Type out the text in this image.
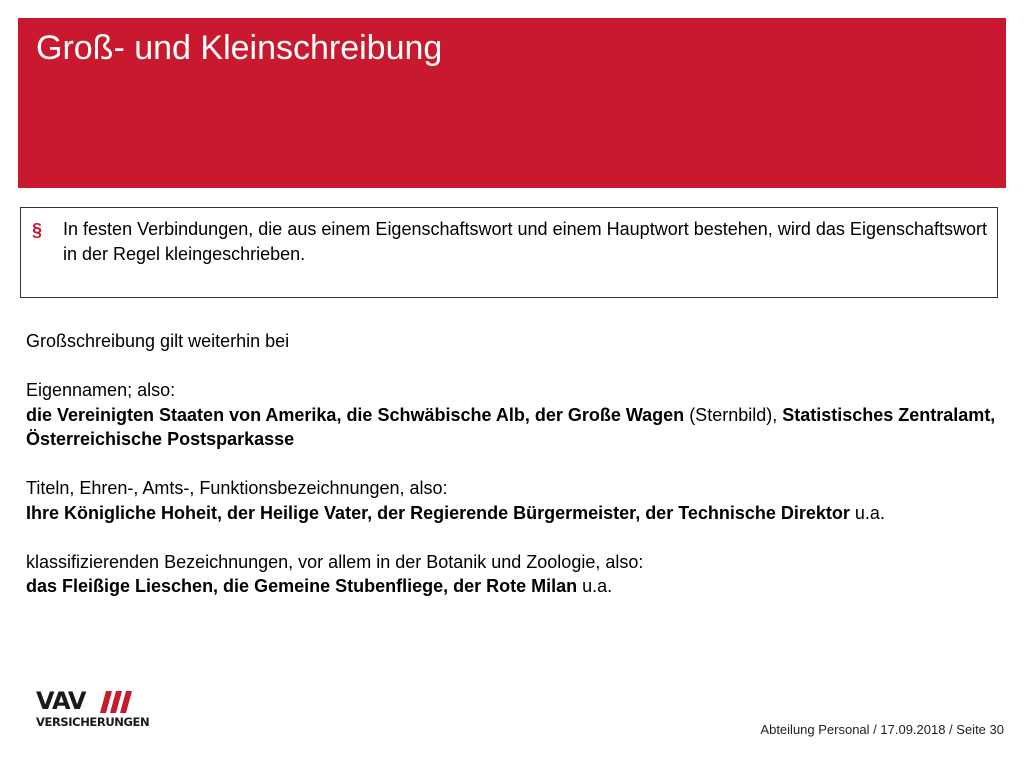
Groß- und Kleinschreibung
§ In festen Verbindungen, die aus einem Eigenschaftswort und einem Hauptwort bestehen, wird das Eigenschaftswort in der Regel kleingeschrieben.

Großschreibung gilt weiterhin bei

Eigennamen; also:

die Vereinigten Staaten von Amerika, die Schwäbische Alb, der Große Wagen (Sternbild), Statistisches Zentralamt, Österreichische Postsparkasse

Titeln, Ehren-, Amts-, Funktionsbezeichnungen, also:

Ihre Königliche Hoheit, der Heilige Vater, der Regierende Bürgermeister, der Technische Direktor u.a.

klassifizierenden Bezeichnungen, vor allem in der Botanik und Zoologie, also:

das Fleißige Lieschen, die Gemeine Stubenfliege, der Rote Milan u.a.

VAV
VERSICHERUNGEN	Abteilung Personal / 17.09.2018 / Seite 30
